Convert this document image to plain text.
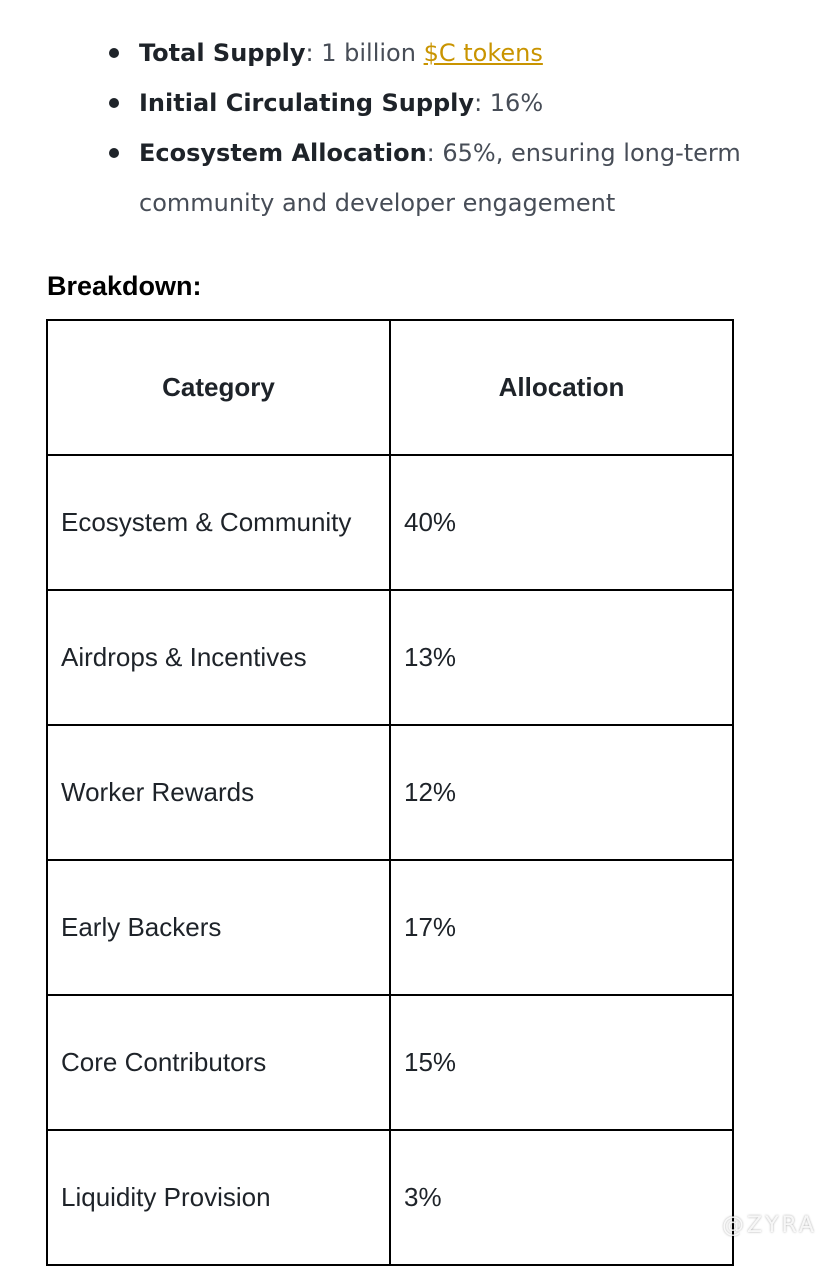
Total Supply: 1 billion $C tokens
Initial Circulating Supply: 16%
Ecosystem Allocation: 65%, ensuring long-term community and developer engagement
Breakdown:
Category	Allocation
Ecosystem & Community	40%
Airdrops & Incentives	13%
Worker Rewards	12%
Early Backers	17%
Core Contributors	15%
Liquidity Provision	3%
@ZYRA
